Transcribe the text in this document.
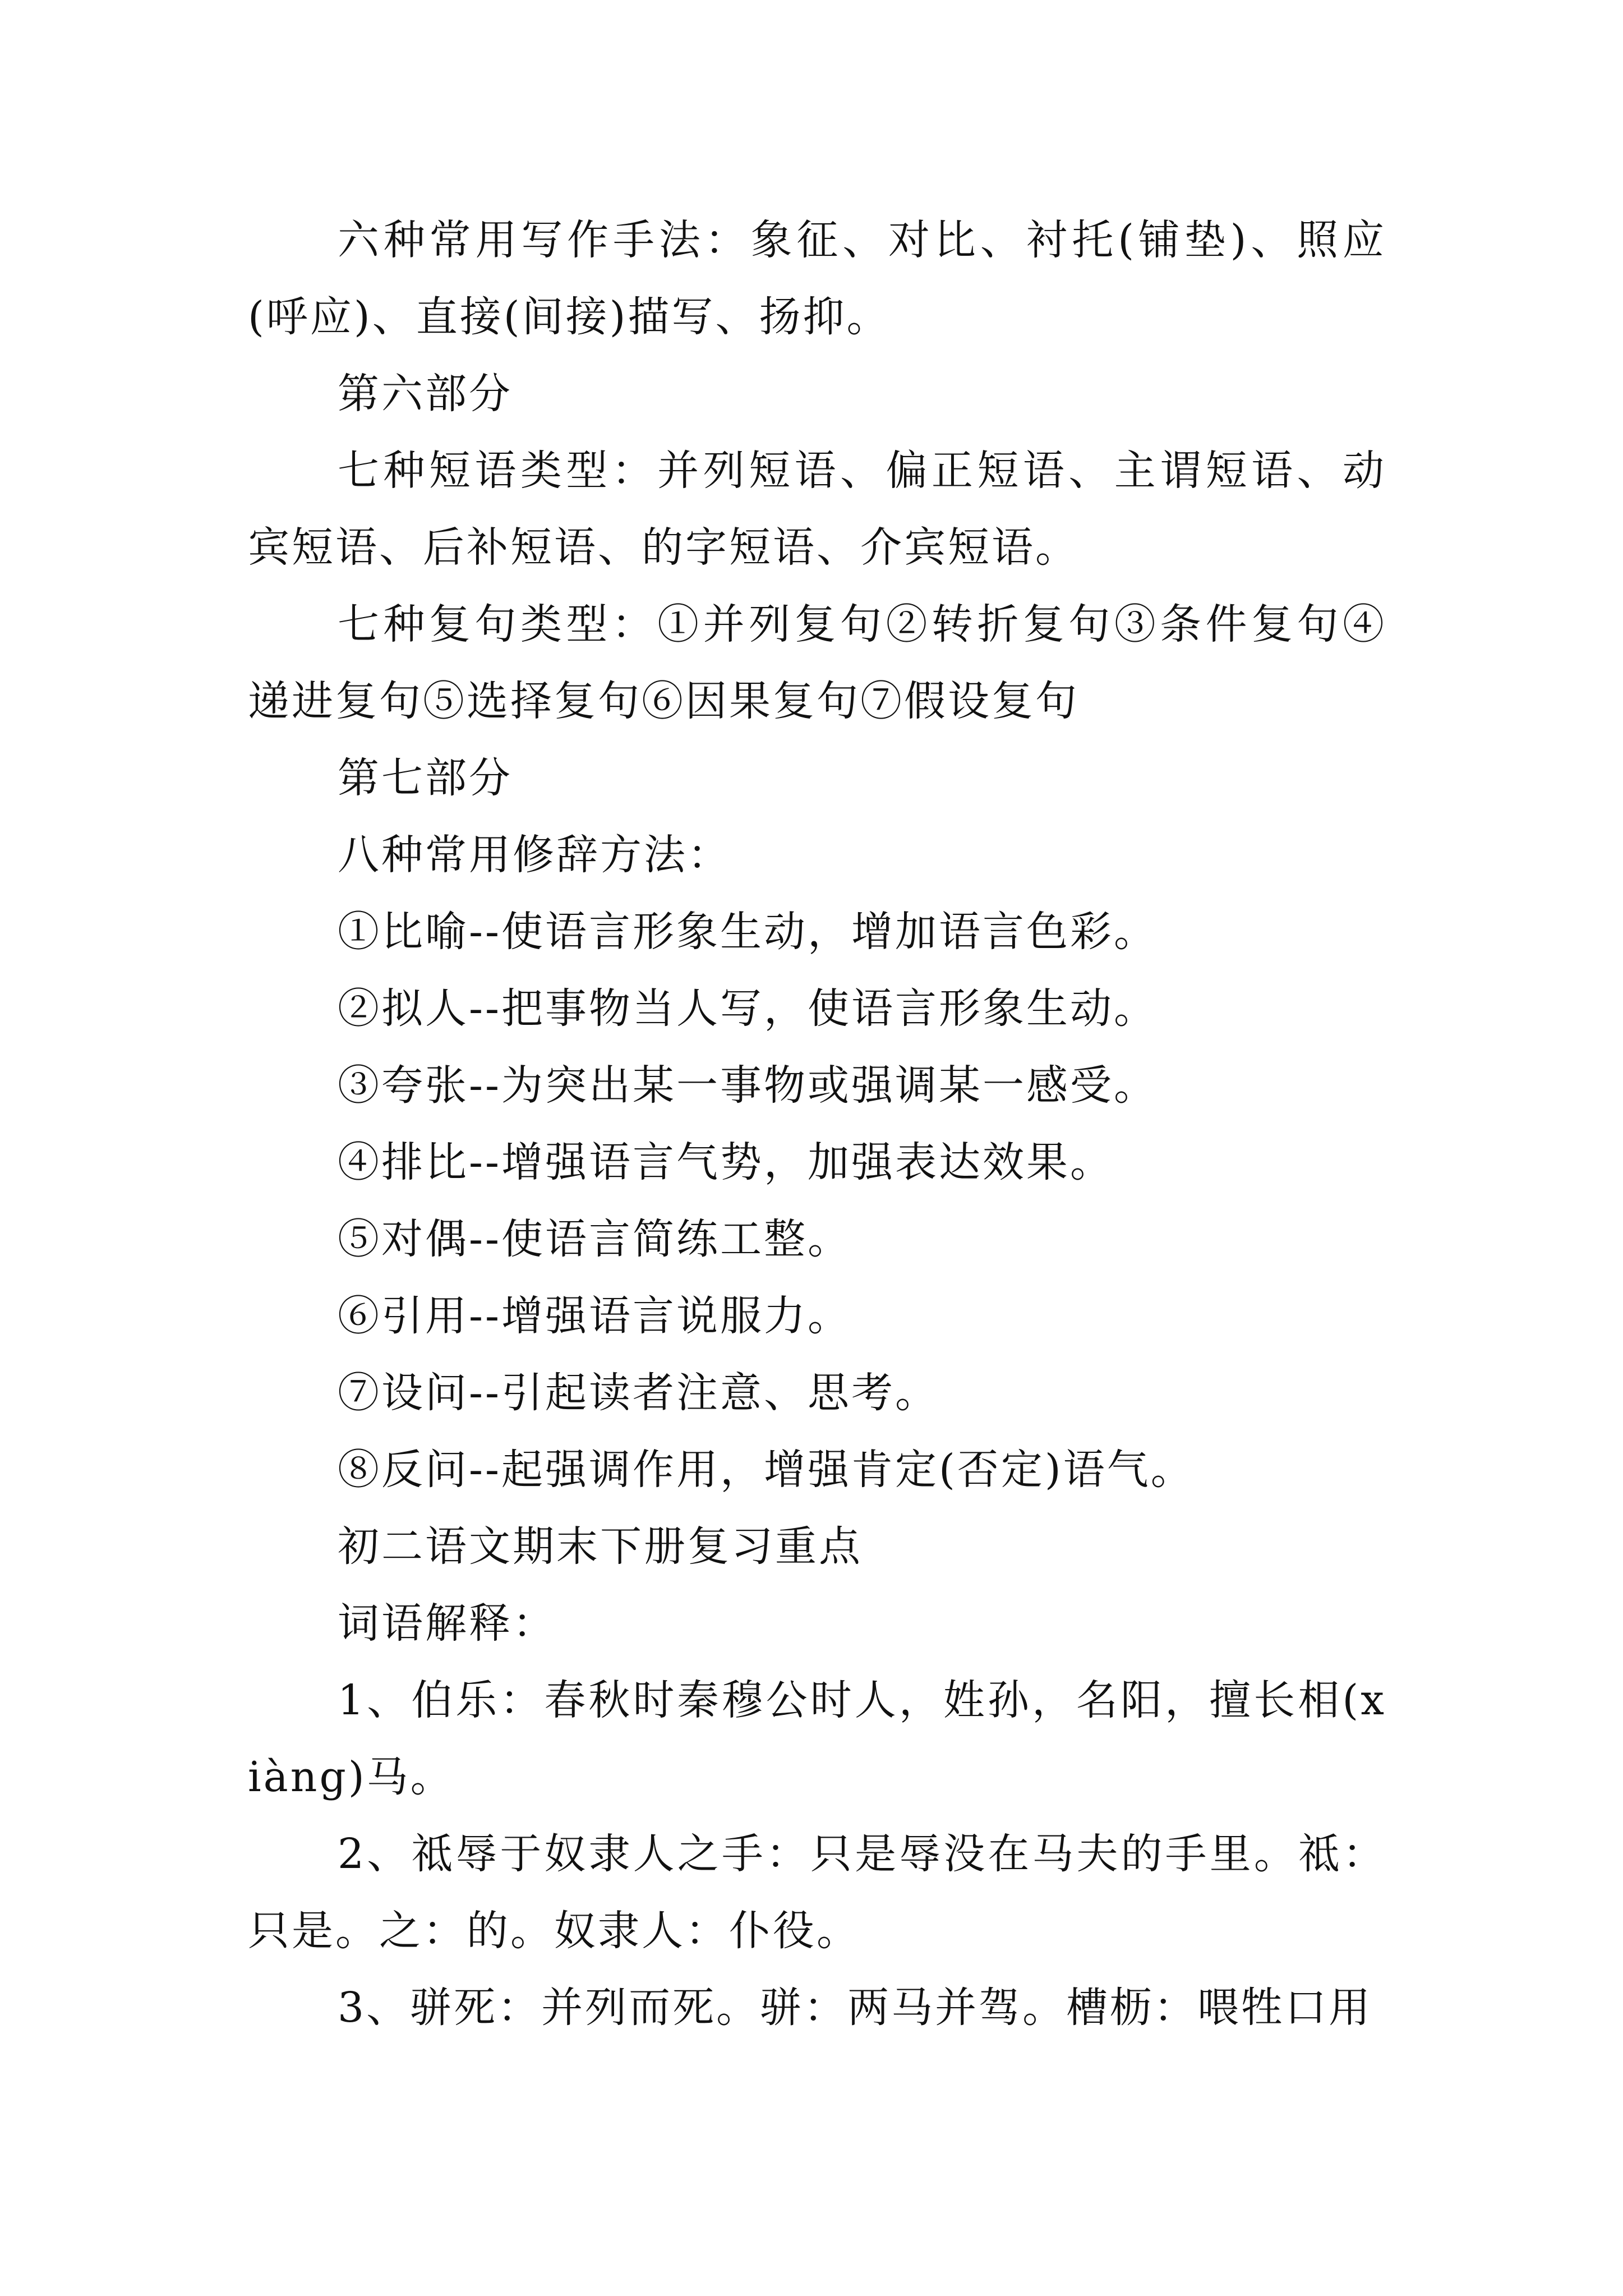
六种常用写作手法：象征、对比、衬托(铺垫)、照应(呼应)、直接(间接)描写、扬抑。

第六部分

七种短语类型：并列短语、偏正短语、主谓短语、动宾短语、后补短语、的字短语、介宾短语。

七种复句类型：①并列复句②转折复句③条件复句④递进复句⑤选择复句⑥因果复句⑦假设复句

第七部分

八种常用修辞方法：

①比喻--使语言形象生动，增加语言色彩。

②拟人--把事物当人写，使语言形象生动。

③夸张--为突出某一事物或强调某一感受。

④排比--增强语言气势，加强表达效果。

⑤对偶--使语言简练工整。

⑥引用--增强语言说服力。

⑦设问--引起读者注意、思考。

⑧反问--起强调作用，增强肯定(否定)语气。

初二语文期末下册复习重点

词语解释：

1、伯乐：春秋时秦穆公时人，姓孙，名阳，擅长相(xiàng)马。

2、祗辱于奴隶人之手：只是辱没在马夫的手里。祗：只是。之：的。奴隶人：仆役。

3、骈死：并列而死。骈：两马并驾。槽枥：喂牲口用
